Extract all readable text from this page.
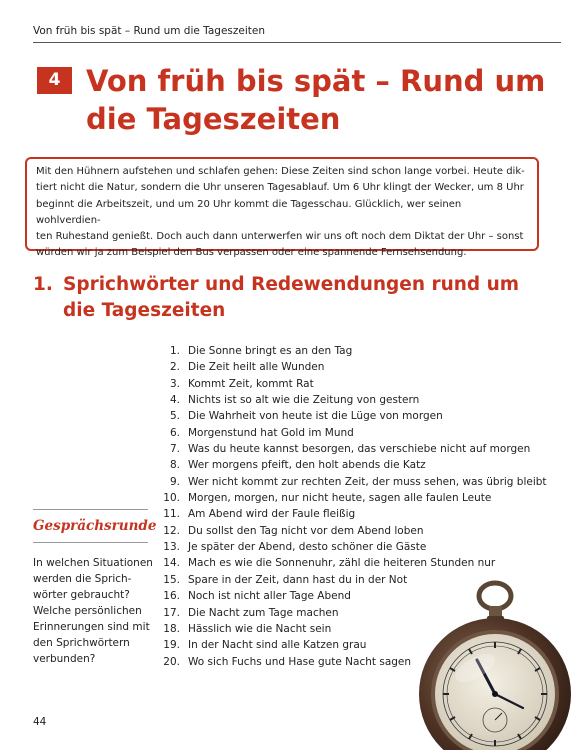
Von früh bis spät – Rund um die Tageszeiten
4 Von früh bis spät – Rund um die Tageszeiten
Mit den Hühnern aufstehen und schlafen gehen: Diese Zeiten sind schon lange vorbei. Heute dik-
tiert nicht die Natur, sondern die Uhr unseren Tagesablauf. Um 6 Uhr klingt der Wecker, um 8 Uhr
beginnt die Arbeitszeit, und um 20 Uhr kommt die Tagesschau. Glücklich, wer seinen wohlverdien-
ten Ruhestand genießt. Doch auch dann unterwerfen wir uns oft noch dem Diktat der Uhr – sonst
würden wir ja zum Beispiel den Bus verpassen oder eine spannende Fernsehsendung.
1. Sprichwörter und Redewendungen rund um die Tageszeiten
1. Die Sonne bringt es an den Tag
2. Die Zeit heilt alle Wunden
3. Kommt Zeit, kommt Rat
4. Nichts ist so alt wie die Zeitung von gestern
5. Die Wahrheit von heute ist die Lüge von morgen
6. Morgenstund hat Gold im Mund
7. Was du heute kannst besorgen, das verschiebe nicht auf morgen
8. Wer morgens pfeift, den holt abends die Katz
9. Wer nicht kommt zur rechten Zeit, der muss sehen, was übrig bleibt
10. Morgen, morgen, nur nicht heute, sagen alle faulen Leute
11. Am Abend wird der Faule fleißig
12. Du sollst den Tag nicht vor dem Abend loben
13. Je später der Abend, desto schöner die Gäste
14. Mach es wie die Sonnenuhr, zähl die heiteren Stunden nur
15. Spare in der Zeit, dann hast du in der Not
16. Noch ist nicht aller Tage Abend
17. Die Nacht zum Tage machen
18. Hässlich wie die Nacht sein
19. In der Nacht sind alle Katzen grau
20. Wo sich Fuchs und Hase gute Nacht sagen
Gesprächsrunde
In welchen Situationen
werden die Sprich-
wörter gebraucht?
Welche persönlichen
Erinnerungen sind mit
den Sprichwörtern
verbunden?
44
